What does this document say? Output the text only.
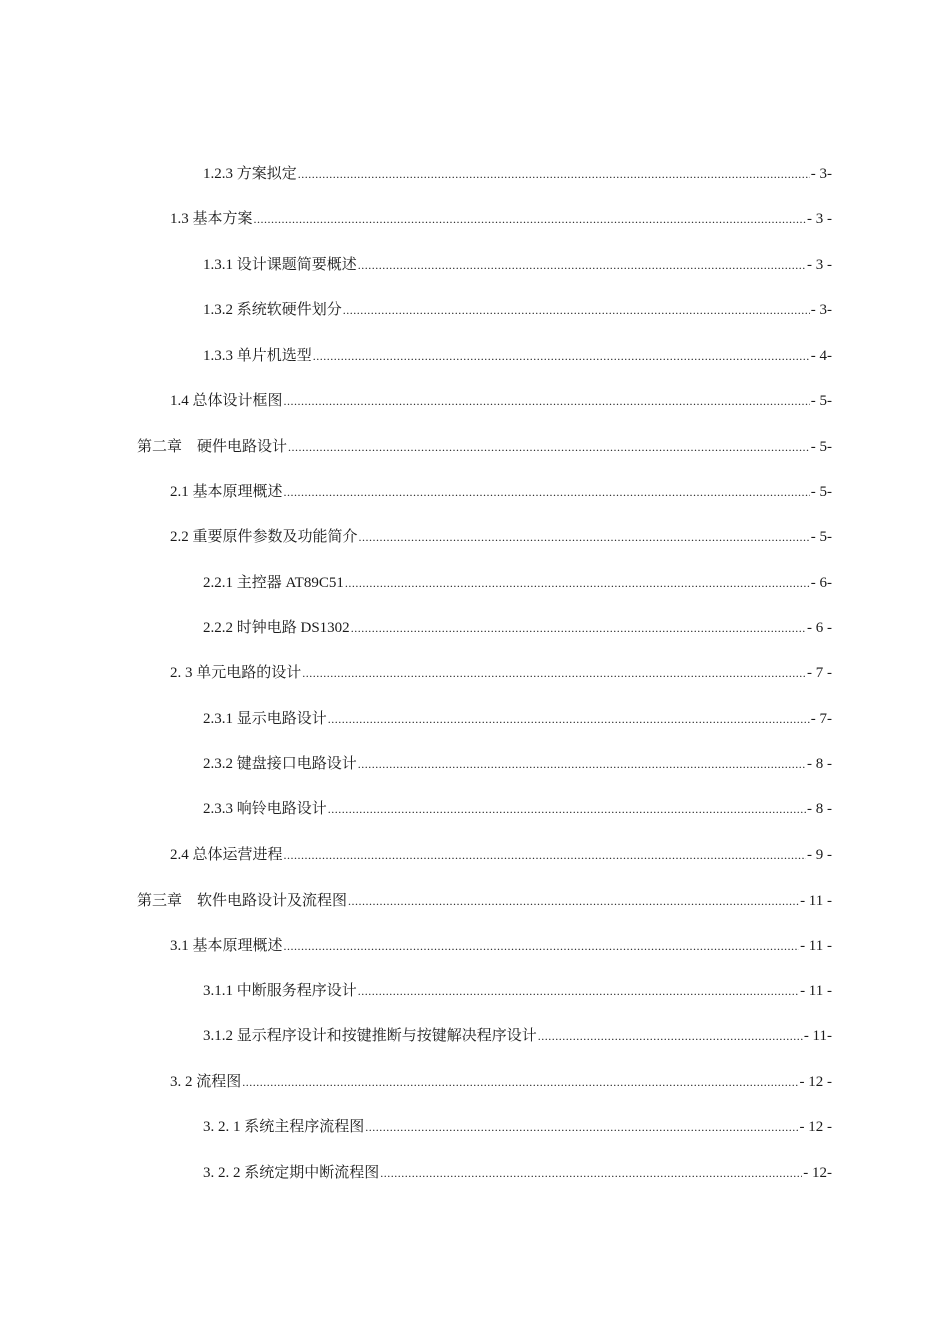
1.2.3 方案拟定 .....	- 3-
1.3 基本方案 .....	- 3 -
1.3.1 设计课题简要概述 .....	- 3 -
1.3.2 系统软硬件划分 .....	- 3-
1.3.3 单片机选型 .....	- 4-
1.4 总体设计框图 .....	- 5-
第二章　硬件电路设计 .....	- 5-
2.1 基本原理概述 .....	- 5-
2.2 重要原件参数及功能简介 .....	- 5-
2.2.1 主控器 AT89C51 .....	- 6-
2.2.2 时钟电路 DS1302 .....	- 6 -
2. 3 单元电路的设计 .....	- 7 -
2.3.1 显示电路设计 .....	- 7-
2.3.2 键盘接口电路设计 .....	- 8 -
2.3.3 响铃电路设计 .....	- 8 -
2.4 总体运营进程 .....	- 9 -
第三章　软件电路设计及流程图 .....	- 11 -
3.1 基本原理概述 .....	- 11 -
3.1.1 中断服务程序设计 .....	- 11 -
3.1.2 显示程序设计和按键推断与按键解决程序设计 .....	- 11-
3. 2 流程图 .....	- 12 -
3. 2. 1 系统主程序流程图 .....	- 12 -
3. 2. 2 系统定期中断流程图 .....	- 12-
